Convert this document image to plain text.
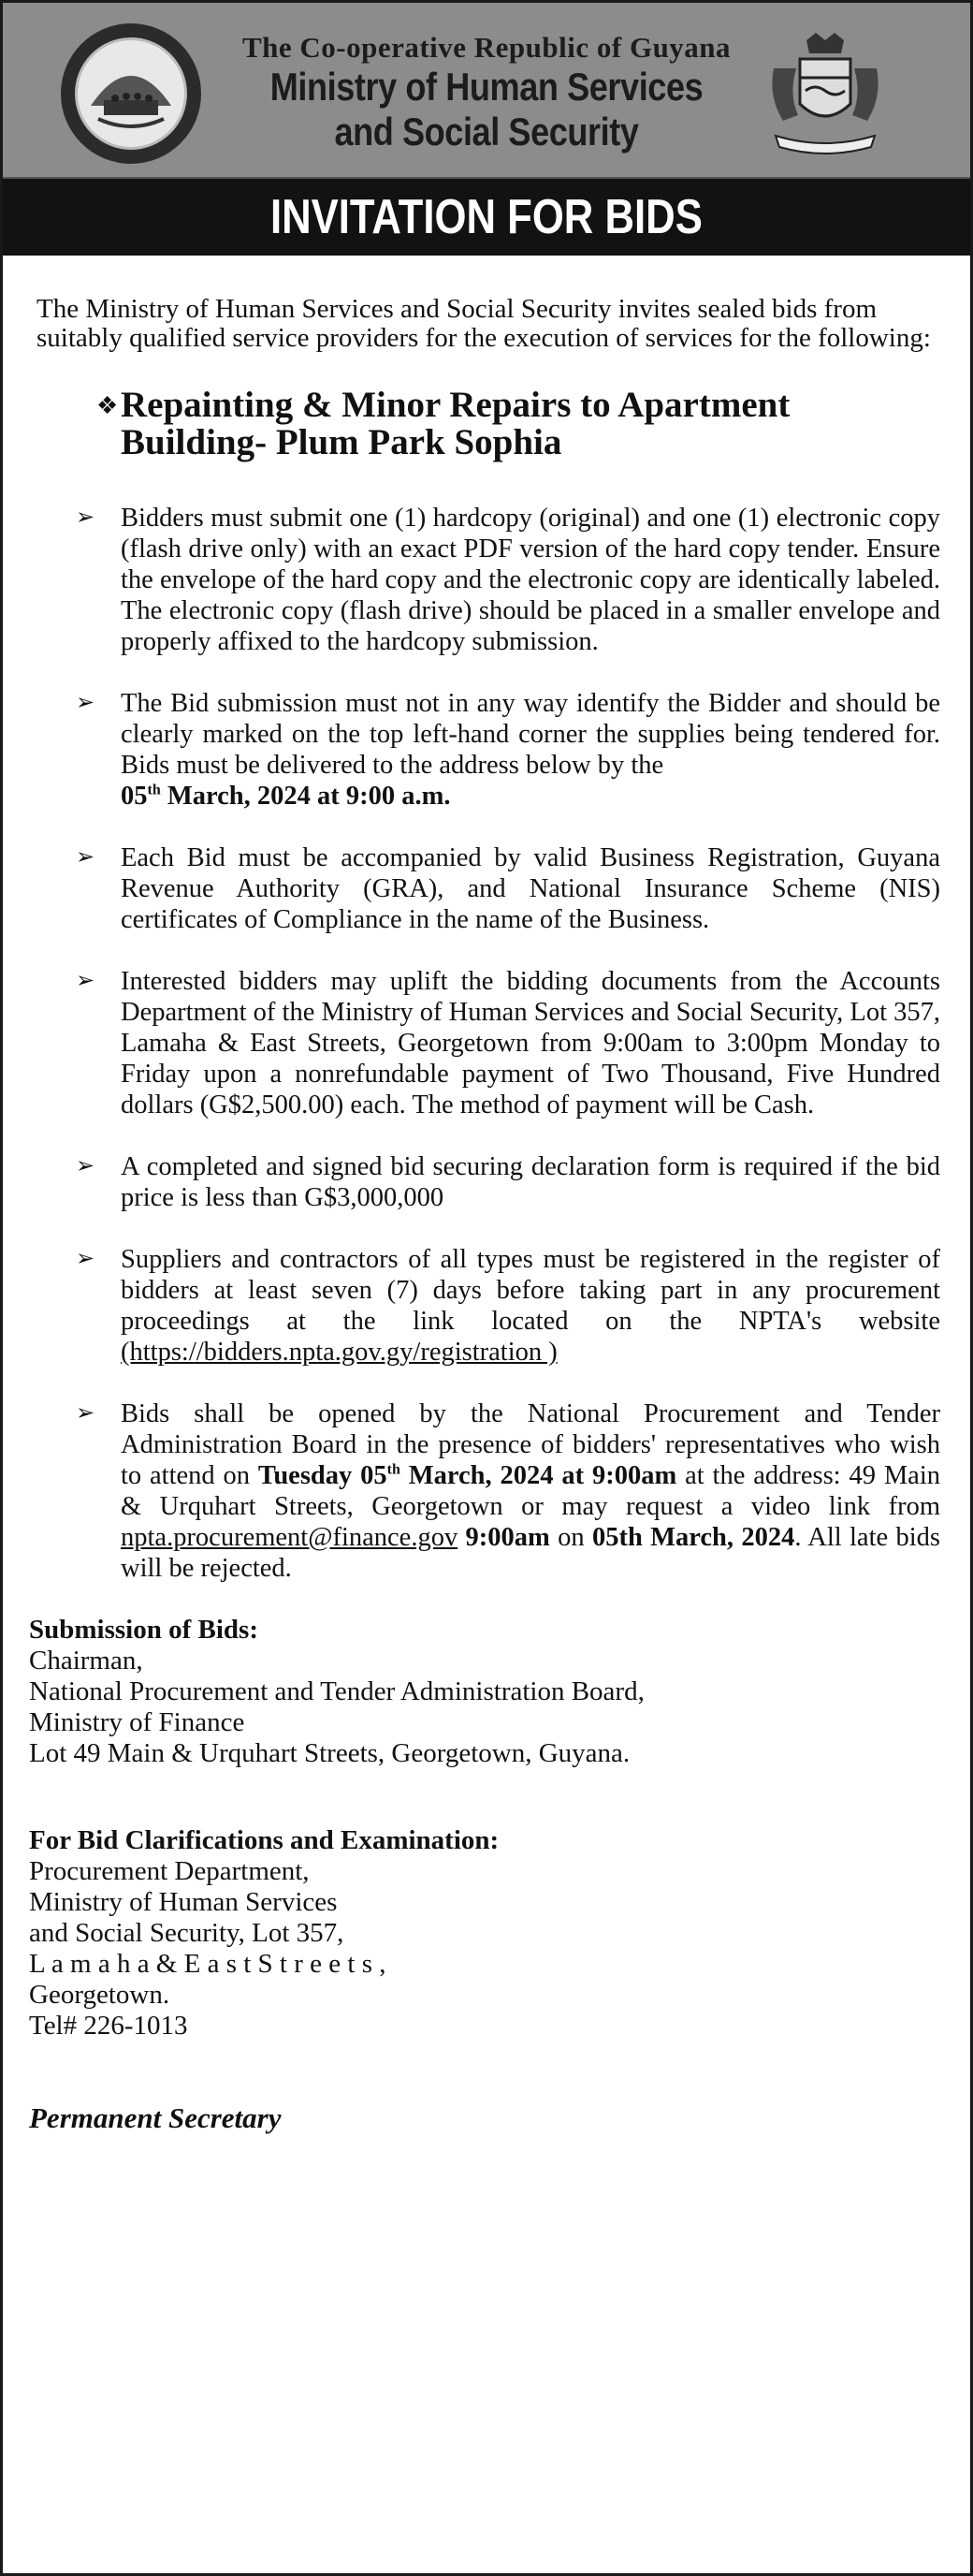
The Co-operative Republic of Guyana
Ministry of Human Services
and Social Security
INVITATION FOR BIDS

The Ministry of Human Services and Social Security invites sealed bids from suitably qualified service providers for the execution of services for the following:

❖ Repainting & Minor Repairs to Apartment
Building- Plum Park Sophia
➢ Bidders must submit one (1) hardcopy (original) and one (1) electronic copy (flash drive only) with an exact PDF version of the hard copy tender. Ensure the envelope of the hard copy and the electronic copy are identically labeled. The electronic copy (flash drive) should be placed in a smaller envelope and properly affixed to the hardcopy submission.
➢ The Bid submission must not in any way identify the Bidder and should be clearly marked on the top left-hand corner the supplies being tendered for. Bids must be delivered to the address below by the
05th March, 2024 at 9:00 a.m.
➢ Each Bid must be accompanied by valid Business Registration, Guyana Revenue Authority (GRA), and National Insurance Scheme (NIS) certificates of Compliance in the name of the Business.
➢ Interested bidders may uplift the bidding documents from the Accounts Department of the Ministry of Human Services and Social Security, Lot 357, Lamaha & East Streets, Georgetown from 9:00am to 3:00pm Monday to Friday upon a nonrefundable payment of Two Thousand, Five Hundred dollars (G$2,500.00) each. The method of payment will be Cash.
➢ A completed and signed bid securing declaration form is required if the bid price is less than G$3,000,000
➢ Suppliers and contractors of all types must be registered in the register of bidders at least seven (7) days before taking part in any procurement proceedings at the link located on the NPTA's website (https://bidders.npta.gov.gy/registration )
➢ Bids shall be opened by the National Procurement and Tender Administration Board in the presence of bidders' representatives who wish to attend on Tuesday 05th March, 2024 at 9:00am at the address: 49 Main & Urquhart Streets, Georgetown or may request a video link from npta.procurement@finance.gov 9:00am on 05th March, 2024. All late bids will be rejected.
Submission of Bids:
Chairman,
National Procurement and Tender Administration Board,
Ministry of Finance
Lot 49 Main & Urquhart Streets, Georgetown, Guyana.
For Bid Clarifications and Examination:
Procurement Department,
Ministry of Human Services
and Social Security, Lot 357,
L a m a h a & E a s t S t r e e t s ,
Georgetown.
Tel# 226-1013
Permanent Secretary
